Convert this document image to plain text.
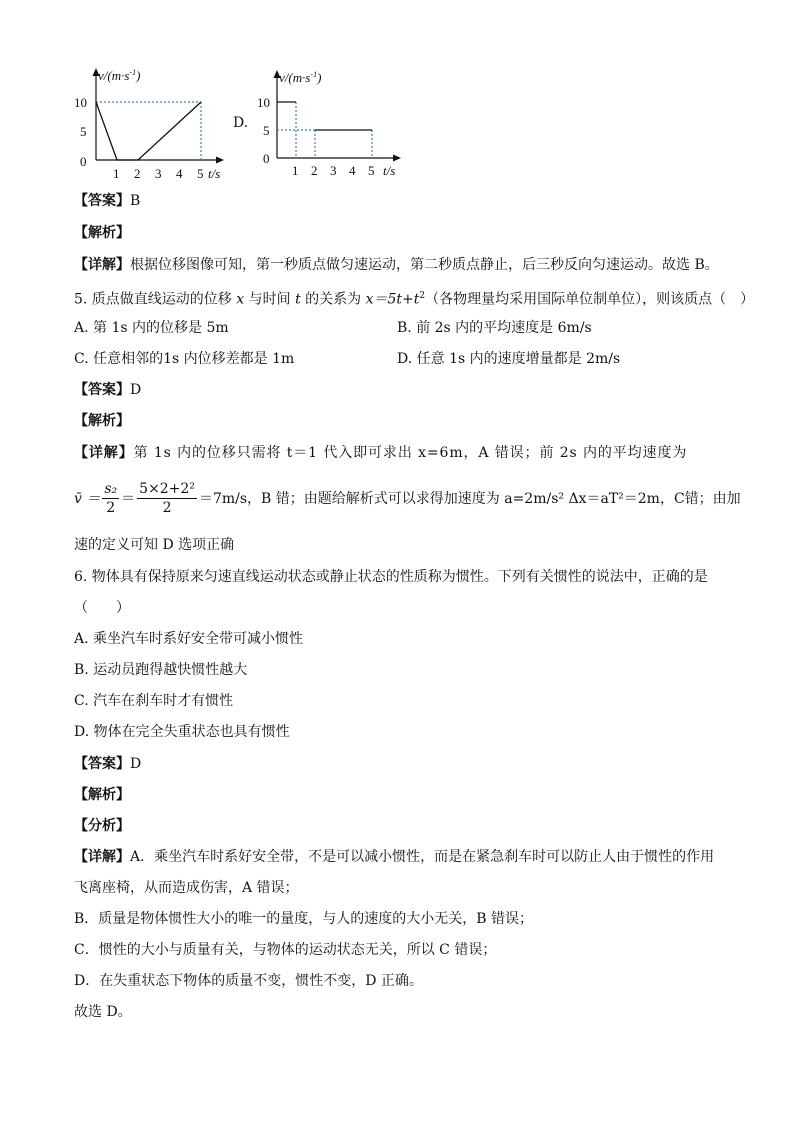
$v/(m\cdot s^{-1})$
10
5
0
1 2 3 4 5 t/s
D.
$v/(m\cdot s^{-1})$
10
5
0
1 2 3 4 5 t/s
【答案】B
【解析】
【详解】根据位移图像可知，第一秒质点做匀速运动，第二秒质点静止，后三秒反向匀速运动。故选 B。
5. 质点做直线运动的位移 x 与时间 t 的关系为 $x=5t+t^2$（各物理量均采用国际单位制单位），则该质点（　）
A. 第 1s 内的位移是 5m	B. 前 2s 内的平均速度是 6m/s
C. 任意相邻的1s 内位移差都是 1m	D. 任意 1s 内的速度增量都是 2m/s
【答案】D
【解析】
【详解】第 1s 内的位移只需将 t＝1 代入即可求出 x=6m，A 错误；前 2s 内的平均速度为
v̄ ＝ $\frac{\text{s₂}}{2} = \frac{\text{5×2+2²}}{2} =7m/s$ ，B 错；由题给解析式可以求得加速度为 a=2m/s² Δx＝aT²＝2m，C错；由加
速的定义可知 D 选项正确
6. 物体具有保持原来匀速直线运动状态或静止状态的性质称为惯性。下列有关惯性的说法中，正确的是
（　　）
A. 乘坐汽车时系好安全带可减小惯性
B. 运动员跑得越快惯性越大
C. 汽车在刹车时才有惯性
D. 物体在完全失重状态也具有惯性
【答案】D
【解析】
【分析】
【详解】A．乘坐汽车时系好安全带，不是可以减小惯性，而是在紧急刹车时可以防止人由于惯性的作用
飞离座椅，从而造成伤害，A 错误；
B．质量是物体惯性大小的唯一的量度，与人的速度的大小无关，B 错误；
C．惯性的大小与质量有关，与物体的运动状态无关，所以 C 错误；
D．在失重状态下物体的质量不变，惯性不变，D 正确。
故选 D。
